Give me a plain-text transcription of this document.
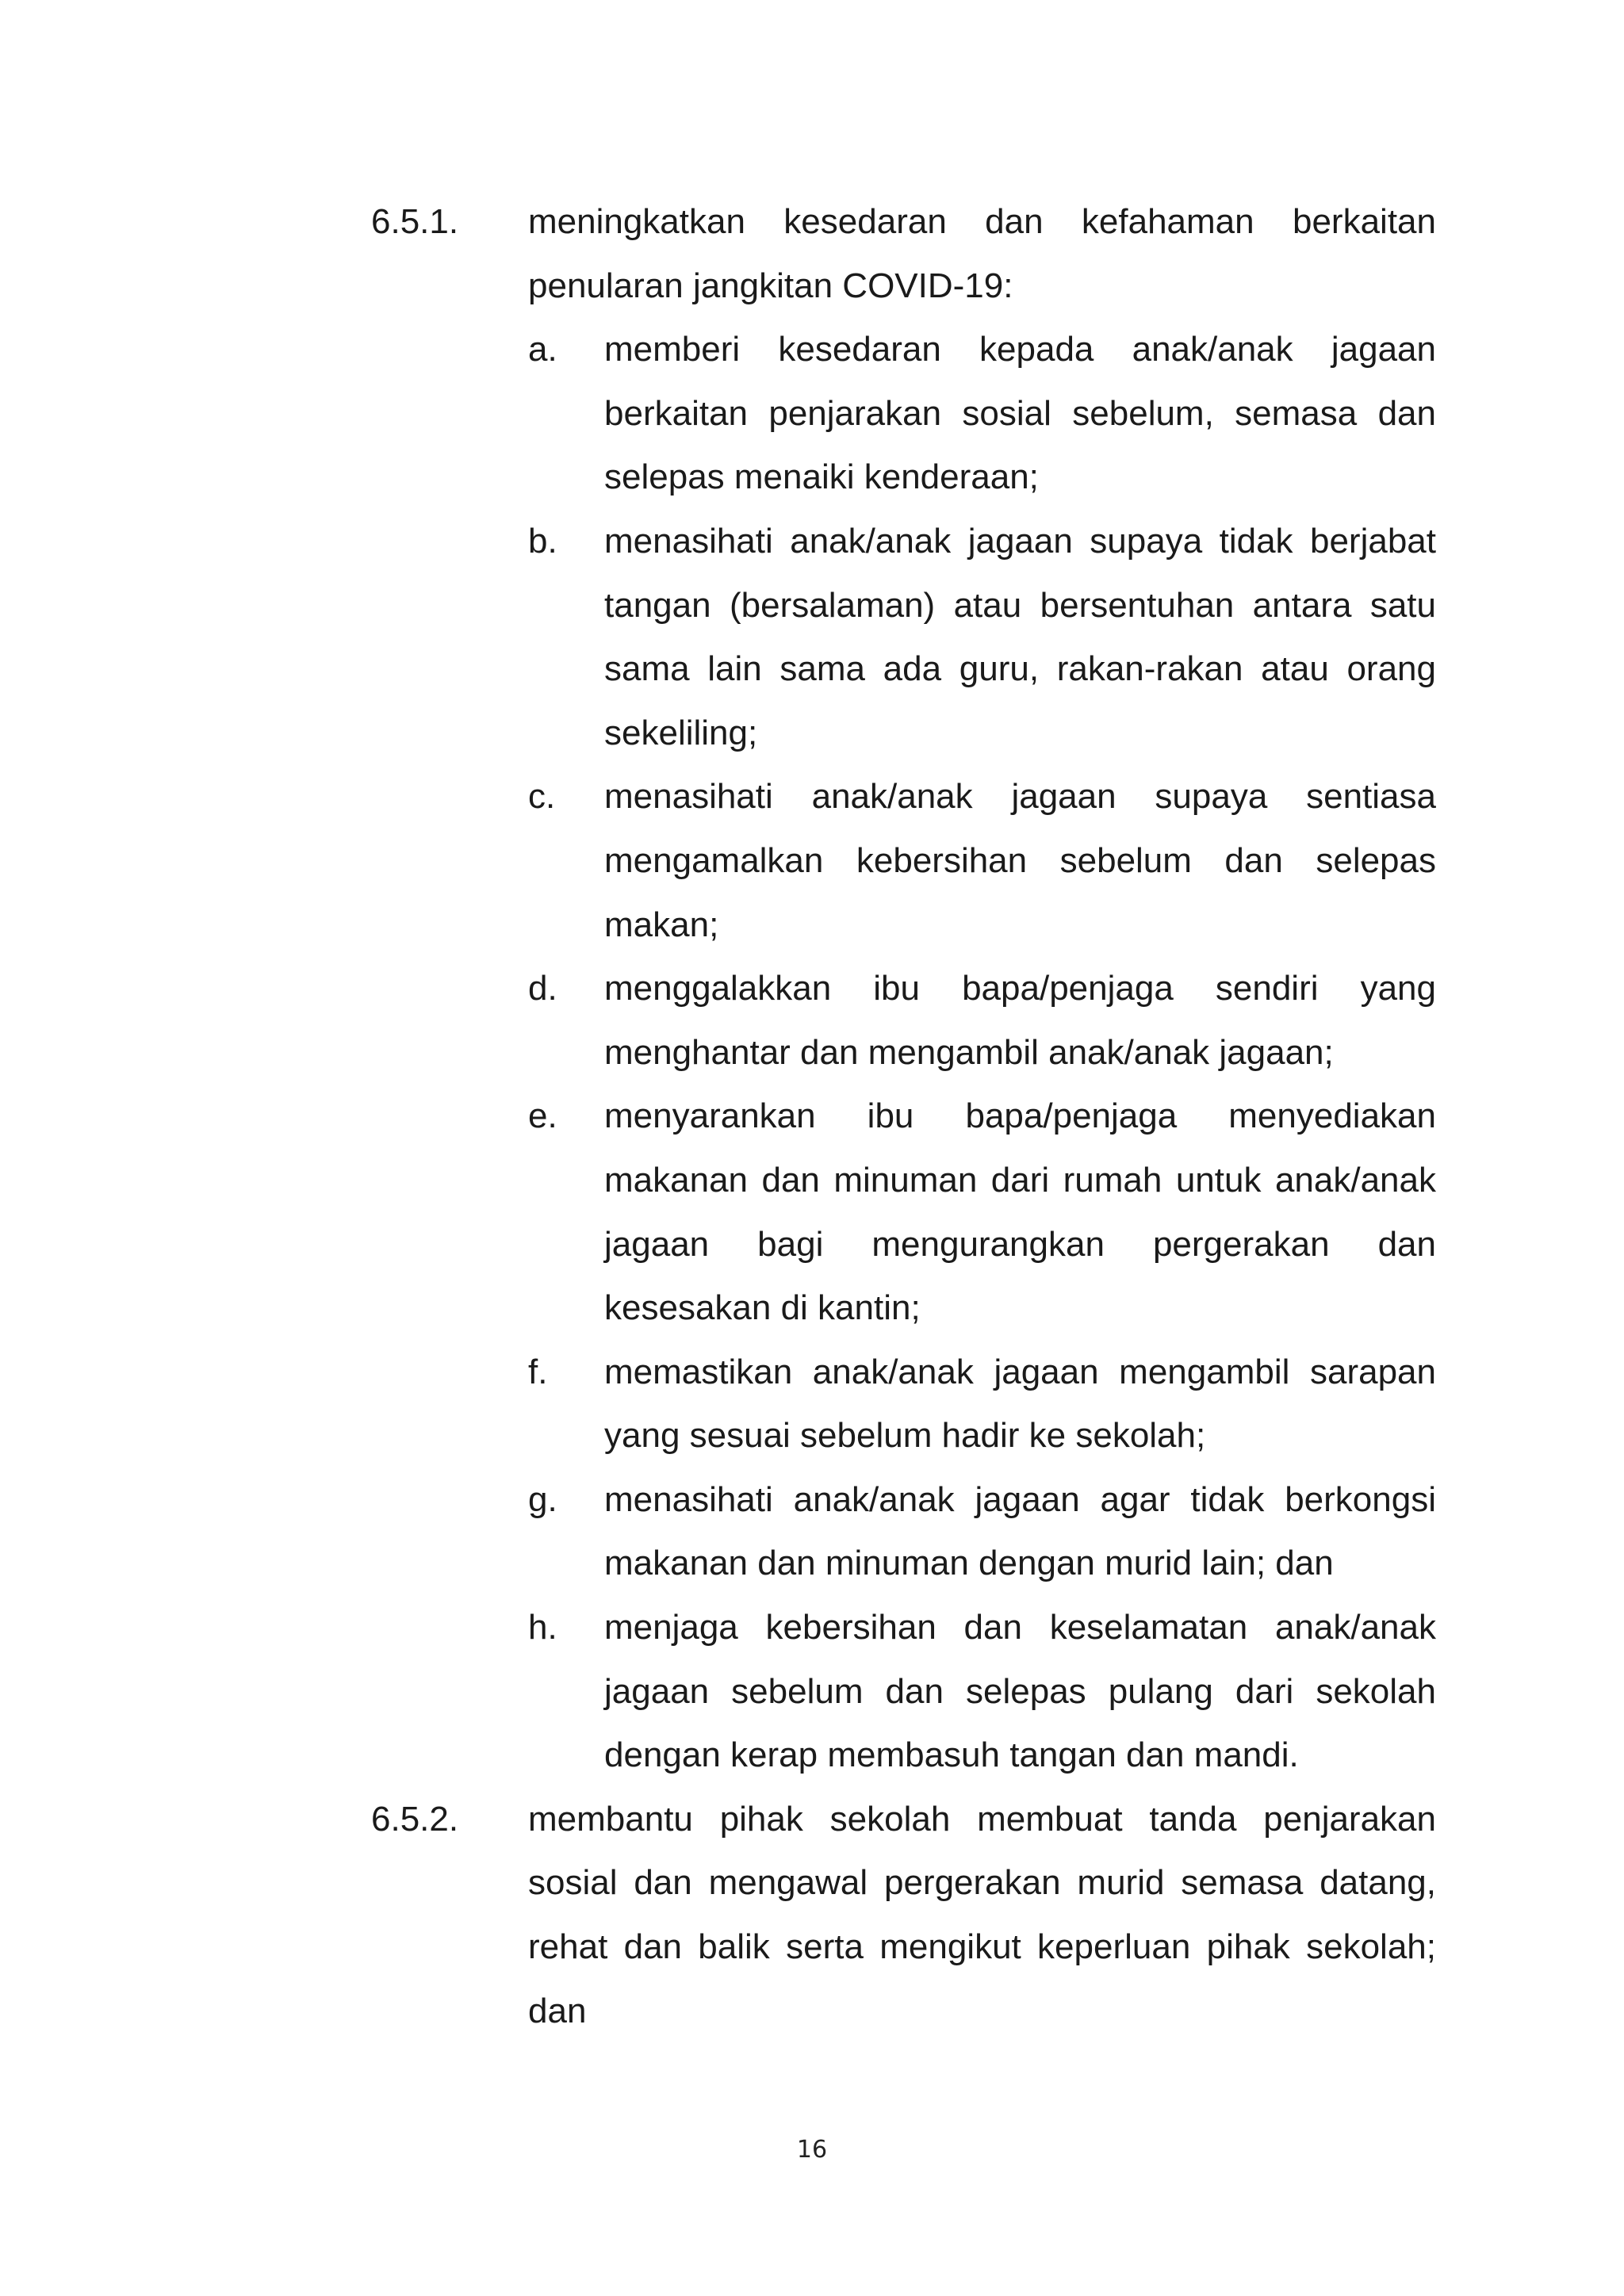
6.5.1. meningkatkan kesedaran dan kefahaman berkaitan penularan jangkitan COVID-19:
a. memberi kesedaran kepada anak/anak jagaan berkaitan penjarakan sosial sebelum, semasa dan selepas menaiki kenderaan;
b. menasihati anak/anak jagaan supaya tidak berjabat tangan (bersalaman) atau bersentuhan antara satu sama lain sama ada guru, rakan-rakan atau orang sekeliling;
c. menasihati anak/anak jagaan supaya sentiasa mengamalkan kebersihan sebelum dan selepas makan;
d. menggalakkan ibu bapa/penjaga sendiri yang menghantar dan mengambil anak/anak jagaan;
e. menyarankan ibu bapa/penjaga menyediakan makanan dan minuman dari rumah untuk anak/anak jagaan bagi mengurangkan pergerakan dan kesesakan di kantin;
f. memastikan anak/anak jagaan mengambil sarapan yang sesuai sebelum hadir ke sekolah;
g. menasihati anak/anak jagaan agar tidak berkongsi makanan dan minuman dengan murid lain; dan
h. menjaga kebersihan dan keselamatan anak/anak jagaan sebelum dan selepas pulang dari sekolah dengan kerap membasuh tangan dan mandi.
6.5.2. membantu pihak sekolah membuat tanda penjarakan sosial dan mengawal pergerakan murid semasa datang, rehat dan balik serta mengikut keperluan pihak sekolah; dan
16
